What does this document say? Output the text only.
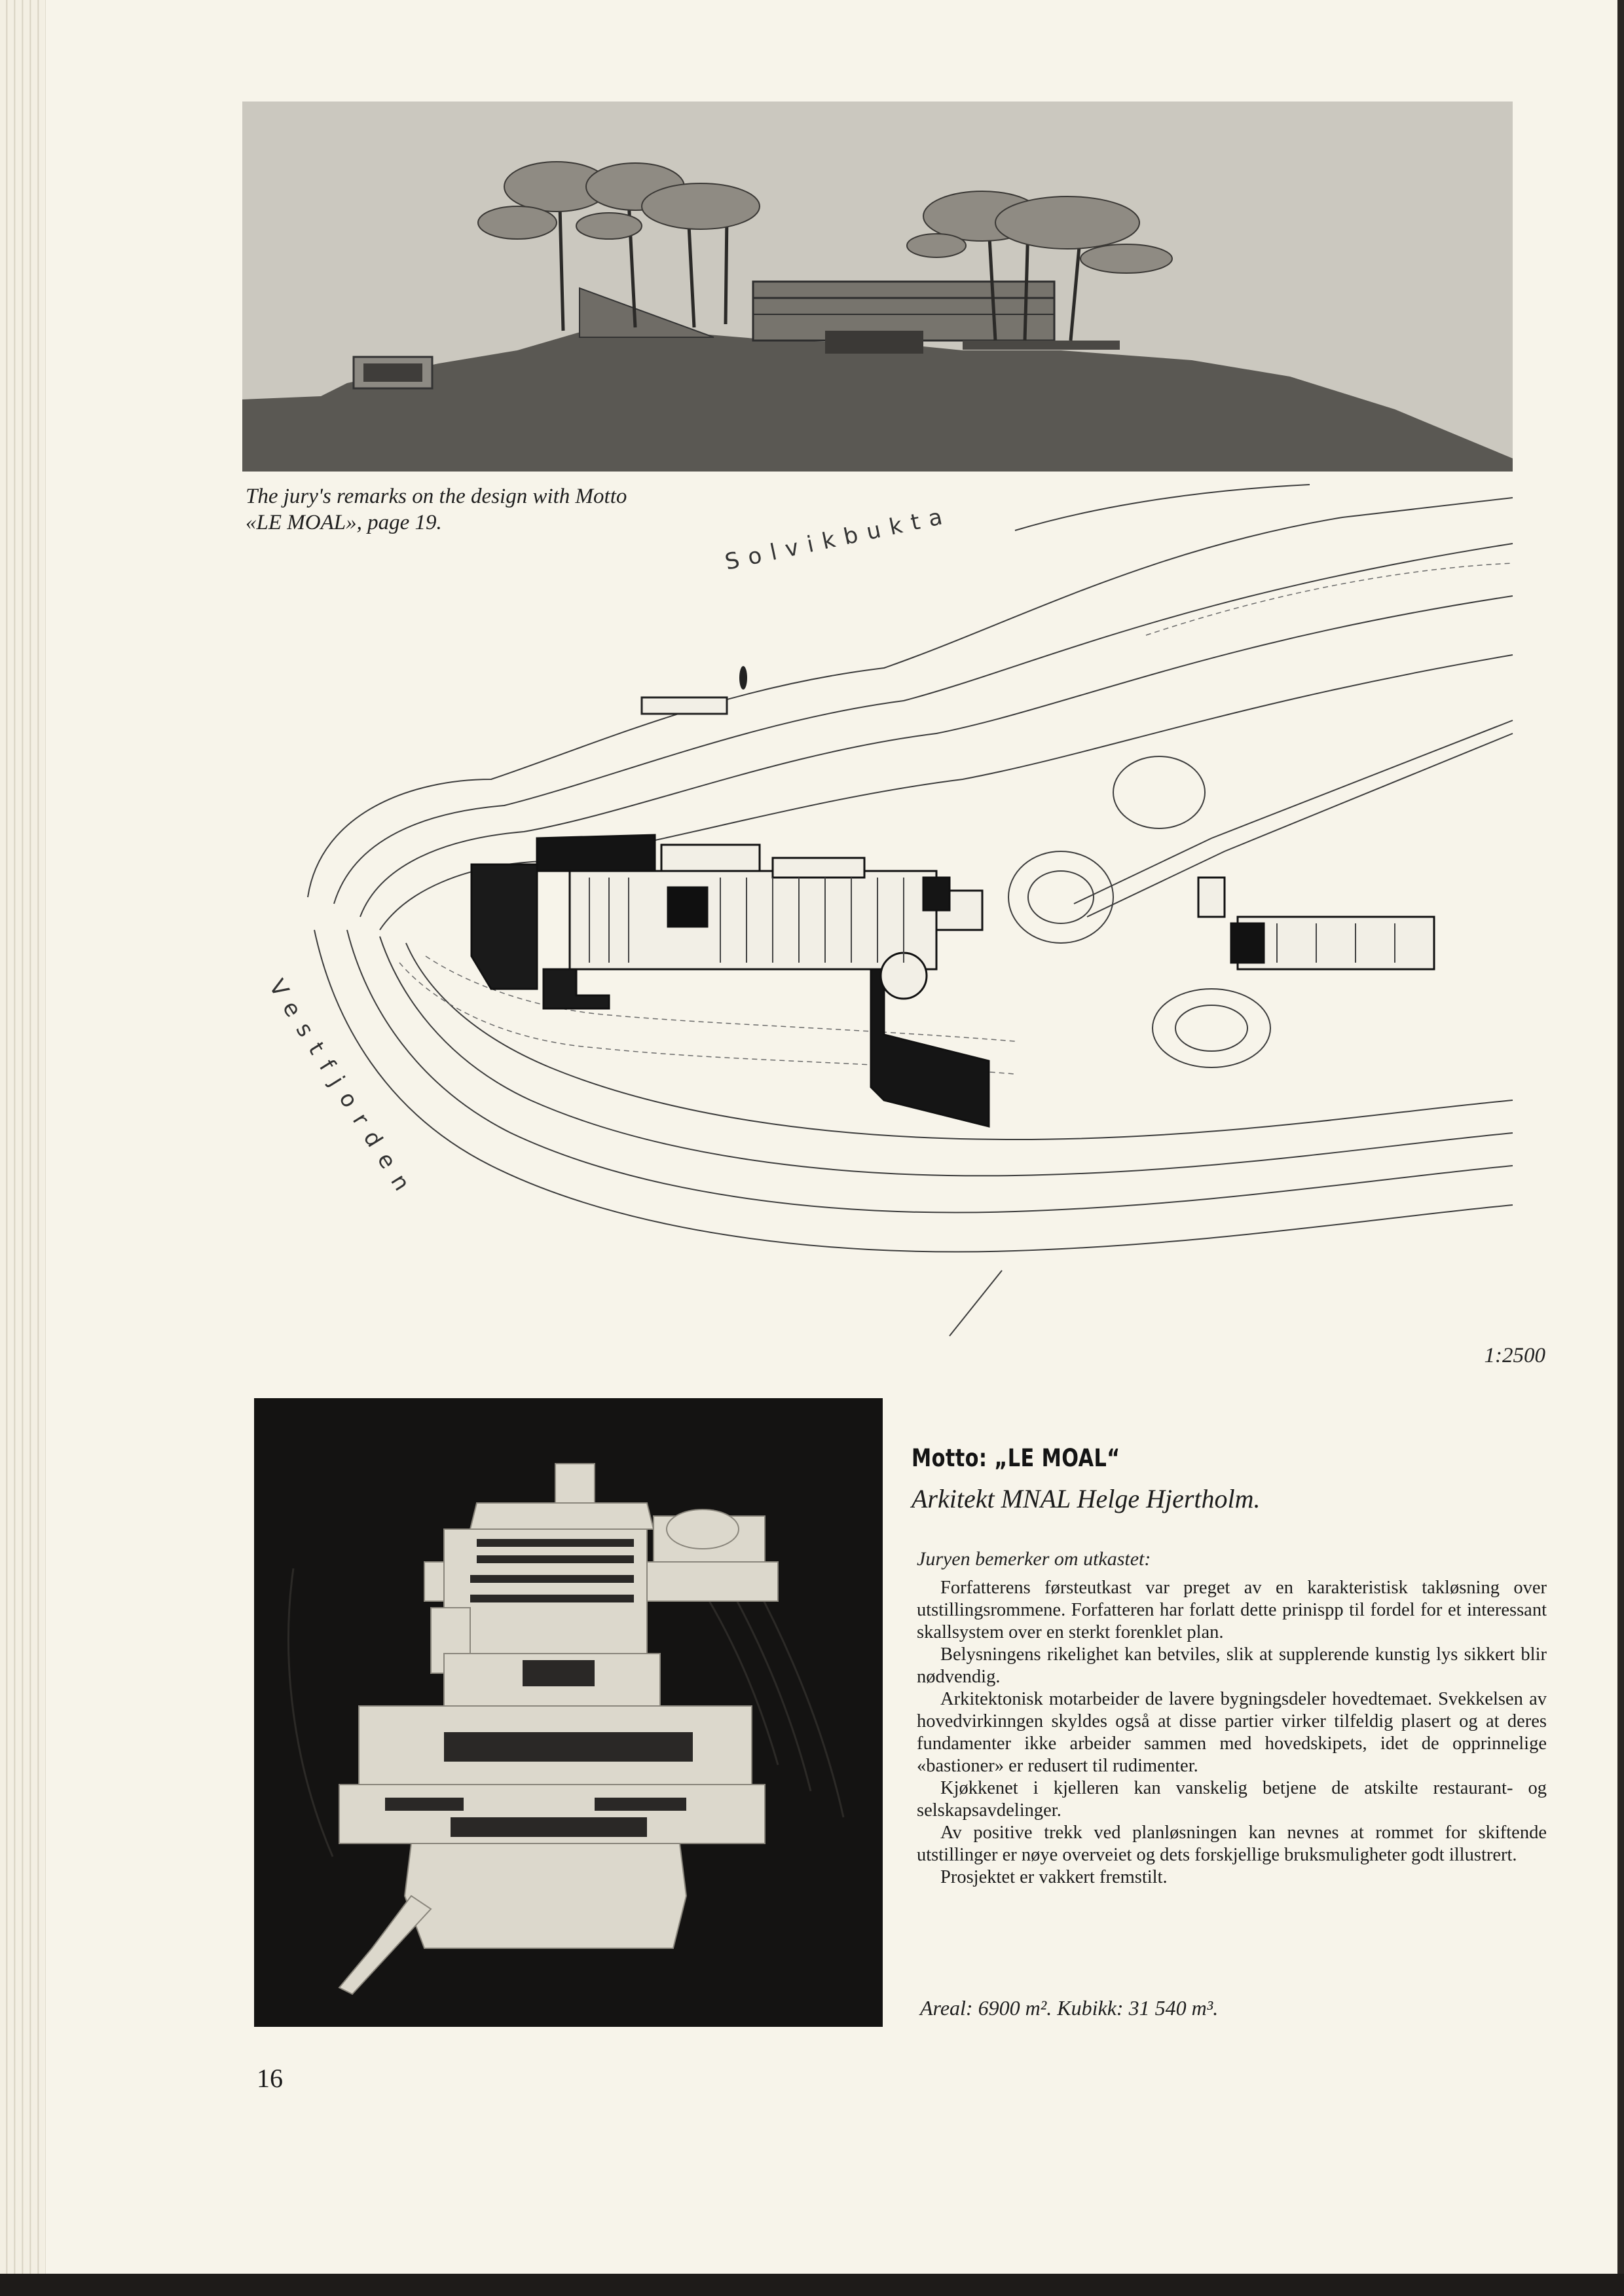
The jury's remarks on the design with Motto «LE MOAL», page 19.	Solvikbukta
Vestfjorden
1:2500
Motto: „LE MOAL“
Arkitekt MNAL Helge Hjertholm.
Juryen bemerker om utkastet:

Forfatterens førsteutkast var preget av en karakteristisk takløsning over utstillingsrommene. Forfatteren har forlatt dette prinispp til fordel for et interessant skallsystem over en sterkt forenklet plan.

Belysningens rikelighet kan betviles, slik at supplerende kunstig lys sikkert blir nødvendig.

Arkitektonisk motarbeider de lavere bygningsdeler hovedtemaet. Svekkelsen av hovedvirkinngen skyldes også at disse partier virker tilfeldig plasert og at deres fundamenter ikke arbeider sammen med hovedskipets, idet de opprinnelige «bastioner» er redusert til rudimenter.

Kjøkkenet i kjelleren kan vanskelig betjene de atskilte restaurant- og selskapsavdelinger.

Av positive trekk ved planløsningen kan nevnes at rommet for skiftende utstillinger er nøye overveiet og dets forskjellige bruksmuligheter godt illustrert.

Prosjektet er vakkert fremstilt.

Areal: 6900 m². Kubikk: 31 540 m³.
16
